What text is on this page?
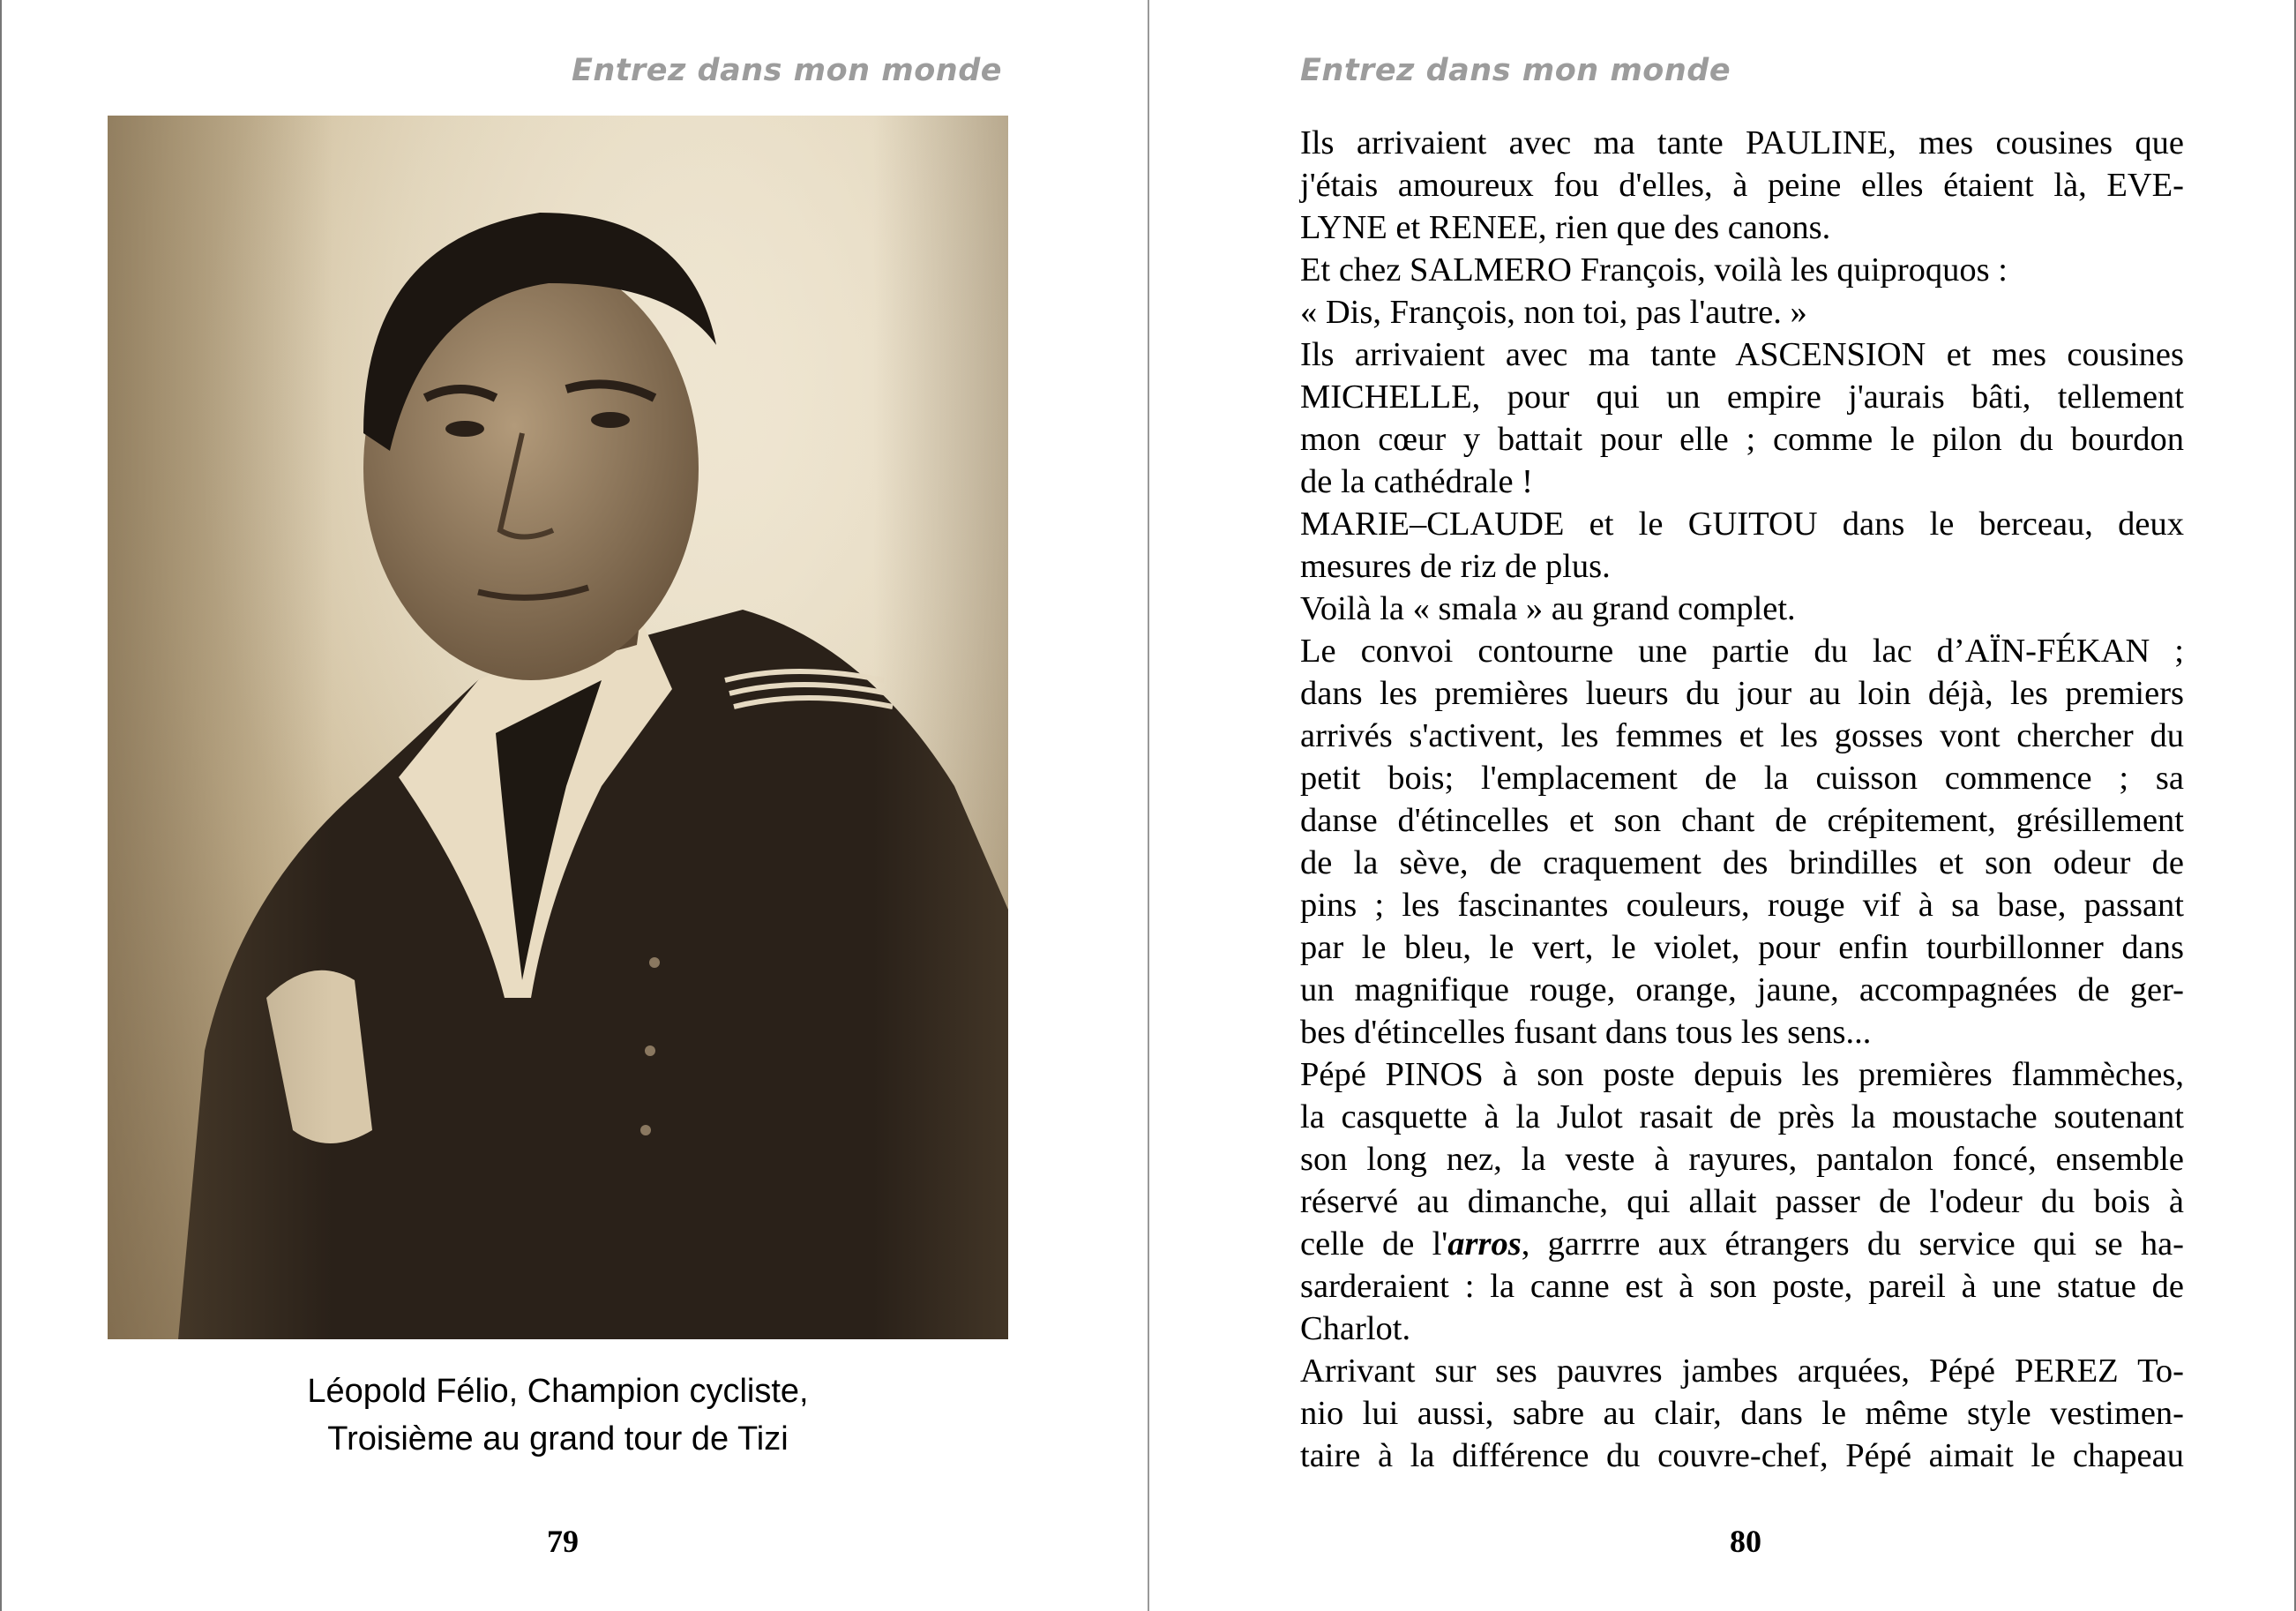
Entrez dans mon monde
Léopold Félio, Champion cycliste,
Troisième au grand tour de Tizi
79
Entrez dans mon monde

Ils arrivaient avec ma tante PAULINE, mes cousines que

j'étais amoureux fou d'elles, à peine elles étaient là, EVE-

LYNE et RENEE, rien que des canons.

Et chez SALMERO François, voilà les quiproquos :

« Dis, François, non toi, pas l'autre. »

Ils arrivaient avec ma tante ASCENSION et mes cousines

MICHELLE, pour qui un empire j'aurais bâti, tellement

mon cœur y battait pour elle ; comme le pilon du bourdon

de la cathédrale !

MARIE–CLAUDE et le GUITOU dans le berceau, deux

mesures de riz de plus.

Voilà la « smala » au grand complet.

Le convoi contourne une partie du lac d’AÏN-FÉKAN ;

dans les premières lueurs du jour au loin déjà, les premiers

arrivés s'activent, les femmes et les gosses vont chercher du

petit bois; l'emplacement de la cuisson commence ; sa

danse d'étincelles et son chant de crépitement, grésillement

de la sève, de craquement des brindilles et son odeur de

pins ; les fascinantes couleurs, rouge vif à sa base, passant

par le bleu, le vert, le violet, pour enfin tourbillonner dans

un magnifique rouge, orange, jaune, accompagnées de ger-

bes d'étincelles fusant dans tous les sens...

Pépé PINOS à son poste depuis les premières flammèches,

la casquette à la Julot rasait de près la moustache soutenant

son long nez, la veste à rayures, pantalon foncé, ensemble

réservé au dimanche, qui allait passer de l'odeur du bois à

celle de l'arros, garrrre aux étrangers du service qui se ha-

sarderaient : la canne est à son poste, pareil à une statue de

Charlot.

Arrivant sur ses pauvres jambes arquées, Pépé PEREZ To-

nio lui aussi, sabre au clair, dans le même style vestimen-

taire à la différence du couvre-chef, Pépé aimait le chapeau

80
